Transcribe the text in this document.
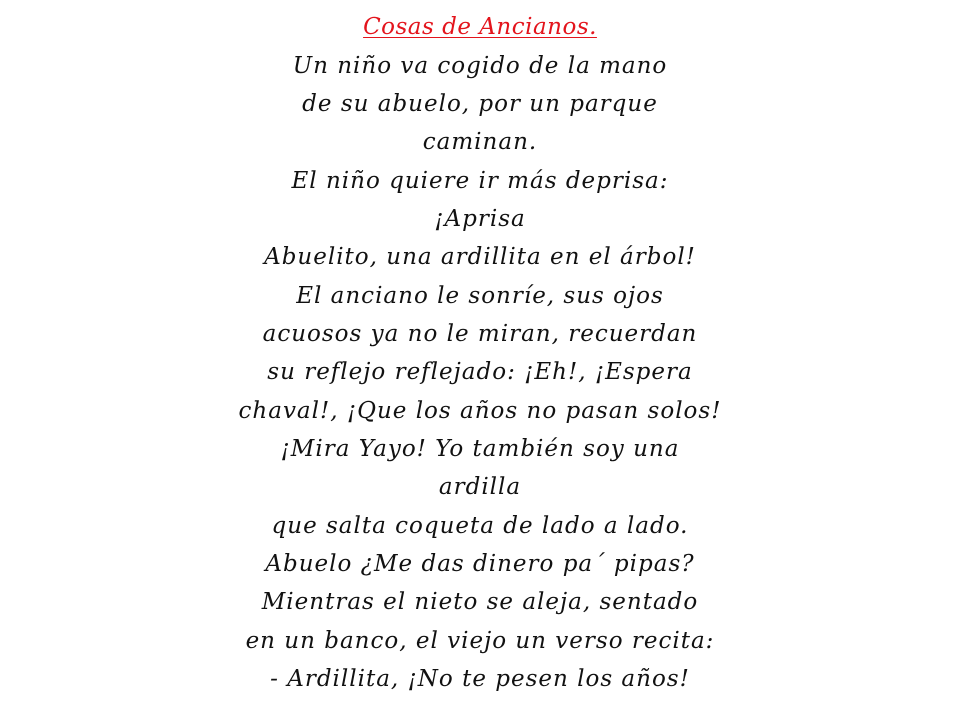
Cosas de Ancianos.
Un niño va cogido de la mano
de su abuelo, por un parque
caminan.
El niño quiere ir más deprisa:
¡Aprisa
Abuelito, una ardillita en el árbol!
El anciano le sonríe, sus ojos
acuosos ya no le miran, recuerdan
su reflejo reflejado: ¡Eh!, ¡Espera
chaval!, ¡Que los años no pasan solos!
¡Mira Yayo! Yo también soy una
ardilla
que salta coqueta de lado a lado.
Abuelo ¿Me das dinero pa´ pipas?
Mientras el nieto se aleja, sentado
en un banco, el viejo un verso recita:
- Ardillita, ¡No te pesen los años!
